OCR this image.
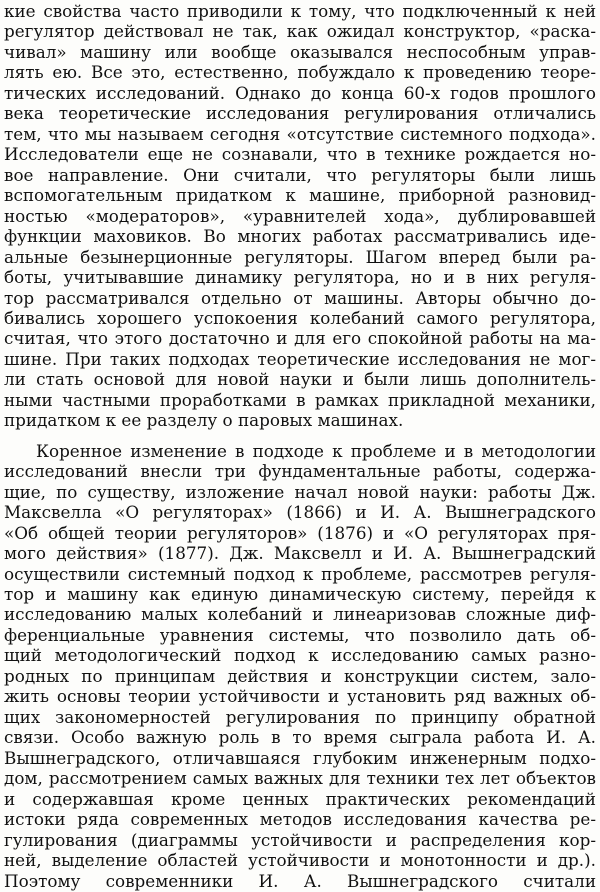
кие свойства часто приводили к тому, что подключенный к ней
регулятор действовал не так, как ожидал конструктор, «раска-
чивал» машину или вообще оказывался неспособным управ-
лять ею. Все это, естественно, побуждало к проведению теоре-
тических исследований. Однако до конца 60-х годов прошлого
века теоретические исследования регулирования отличались
тем, что мы называем сегодня «отсутствие системного подхода».
Исследователи еще не сознавали, что в технике рождается но-
вое направление. Они считали, что регуляторы были лишь
вспомогательным придатком к машине, приборной разновид-
ностью «модераторов», «уравнителей хода», дублировавшей
функции маховиков. Во многих работах рассматривались иде-
альные безынерционные регуляторы. Шагом вперед были ра-
боты, учитывавшие динамику регулятора, но и в них регуля-
тор рассматривался отдельно от машины. Авторы обычно до-
бивались хорошего успокоения колебаний самого регулятора,
считая, что этого достаточно и для его спокойной работы на ма-
шине. При таких подходах теоретические исследования не мог-
ли стать основой для новой науки и были лишь дополнитель-
ными частными проработками в рамках прикладной механики,
придатком к ее разделу о паровых машинах.
Коренное изменение в подходе к проблеме и в методологии
исследований внесли три фундаментальные работы, содержа-
щие, по существу, изложение начал новой науки: работы Дж.
Максвелла «О регуляторах» (1866) и И. А. Вышнеградского
«Об общей теории регуляторов» (1876) и «О регуляторах пря-
мого действия» (1877). Дж. Максвелл и И. А. Вышнеградский
осуществили системный подход к проблеме, рассмотрев регуля-
тор и машину как единую динамическую систему, перейдя к
исследованию малых колебаний и линеаризовав сложные диф-
ференциальные уравнения системы, что позволило дать об-
щий методологический подход к исследованию самых разно-
родных по принципам действия и конструкции систем, зало-
жить основы теории устойчивости и установить ряд важных об-
щих закономерностей регулирования по принципу обратной
связи. Особо важную роль в то время сыграла работа И. А.
Вышнеградского, отличавшаяся глубоким инженерным подхо-
дом, рассмотрением самых важных для техники тех лет объектов
и содержавшая кроме ценных практических рекомендаций
истоки ряда современных методов исследования качества ре-
гулирования (диаграммы устойчивости и распределения кор-
ней, выделение областей устойчивости и монотонности и др.).
Поэтому современники И. А. Вышнеградского считали
